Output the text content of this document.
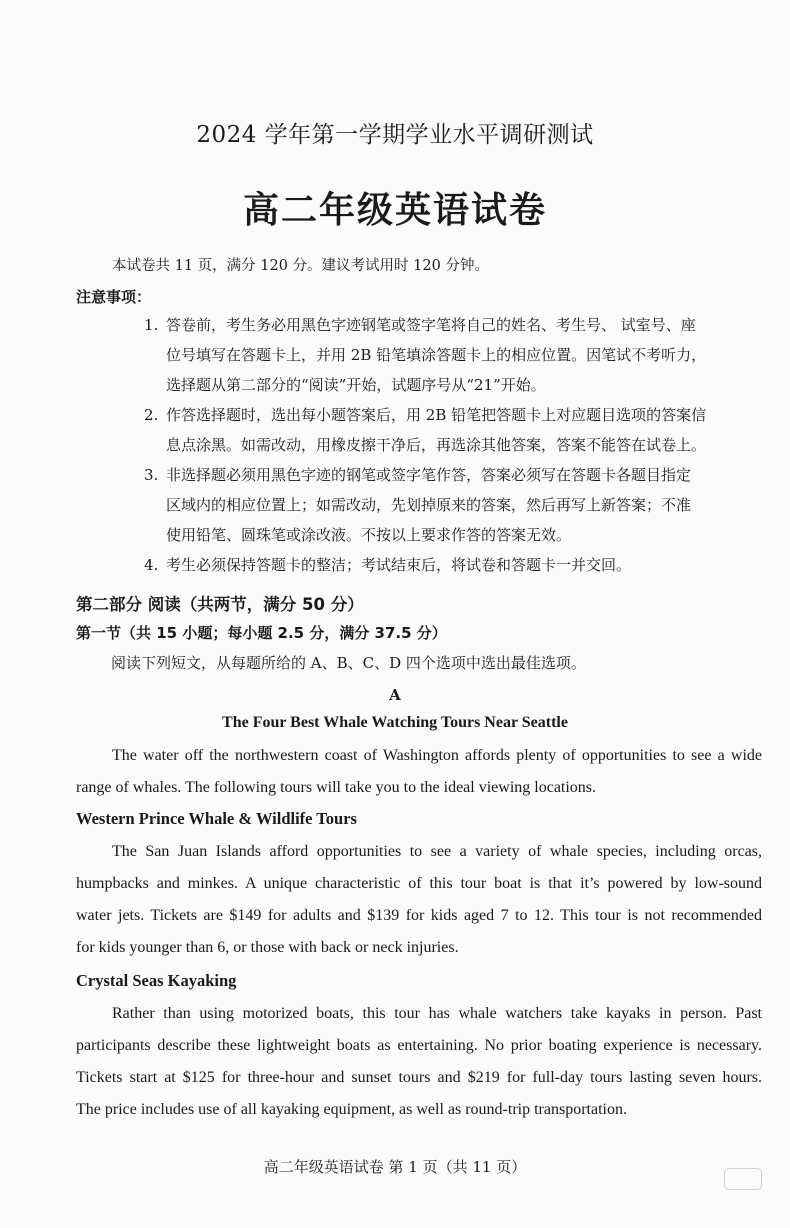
2024 学年第一学期学业水平调研测试
高二年级英语试卷
本试卷共 11 页，满分 120 分。建议考试用时 120 分钟。
注意事项：
1. 答卷前，考生务必用黑色字迹钢笔或签字笔将自己的姓名、考生号、 试室号、座
位号填写在答题卡上，并用 2B 铅笔填涂答题卡上的相应位置。因笔试不考听力，
选择题从第二部分的“阅读”开始，试题序号从“21”开始。
2. 作答选择题时，选出每小题答案后，用 2B 铅笔把答题卡上对应题目选项的答案信
息点涂黑。如需改动，用橡皮擦干净后，再选涂其他答案，答案不能答在试卷上。
3. 非选择题必须用黑色字迹的钢笔或签字笔作答，答案必须写在答题卡各题目指定
区域内的相应位置上；如需改动，先划掉原来的答案，然后再写上新答案；不准
使用铅笔、圆珠笔或涂改液。不按以上要求作答的答案无效。
4. 考生必须保持答题卡的整洁；考试结束后，将试卷和答题卡一并交回。
第二部分 阅读（共两节，满分 50 分）
第一节（共 15 小题；每小题 2.5 分，满分 37.5 分）
阅读下列短文，从每题所给的 A、B、C、D 四个选项中选出最佳选项。
A
The Four Best Whale Watching Tours Near Seattle
The water off the northwestern coast of Washington affords plenty of opportunities to see a wide
range of whales. The following tours will take you to the ideal viewing locations.
Western Prince Whale & Wildlife Tours
The San Juan Islands afford opportunities to see a variety of whale species, including orcas,
humpbacks and minkes. A unique characteristic of this tour boat is that it’s powered by low-sound
water jets. Tickets are $149 for adults and $139 for kids aged 7 to 12. This tour is not recommended
for kids younger than 6, or those with back or neck injuries.
Crystal Seas Kayaking
Rather than using motorized boats, this tour has whale watchers take kayaks in person. Past
participants describe these lightweight boats as entertaining. No prior boating experience is necessary.
Tickets start at $125 for three-hour and sunset tours and $219 for full-day tours lasting seven hours.
The price includes use of all kayaking equipment, as well as round-trip transportation.
高二年级英语试卷 第 1 页（共 11 页）
